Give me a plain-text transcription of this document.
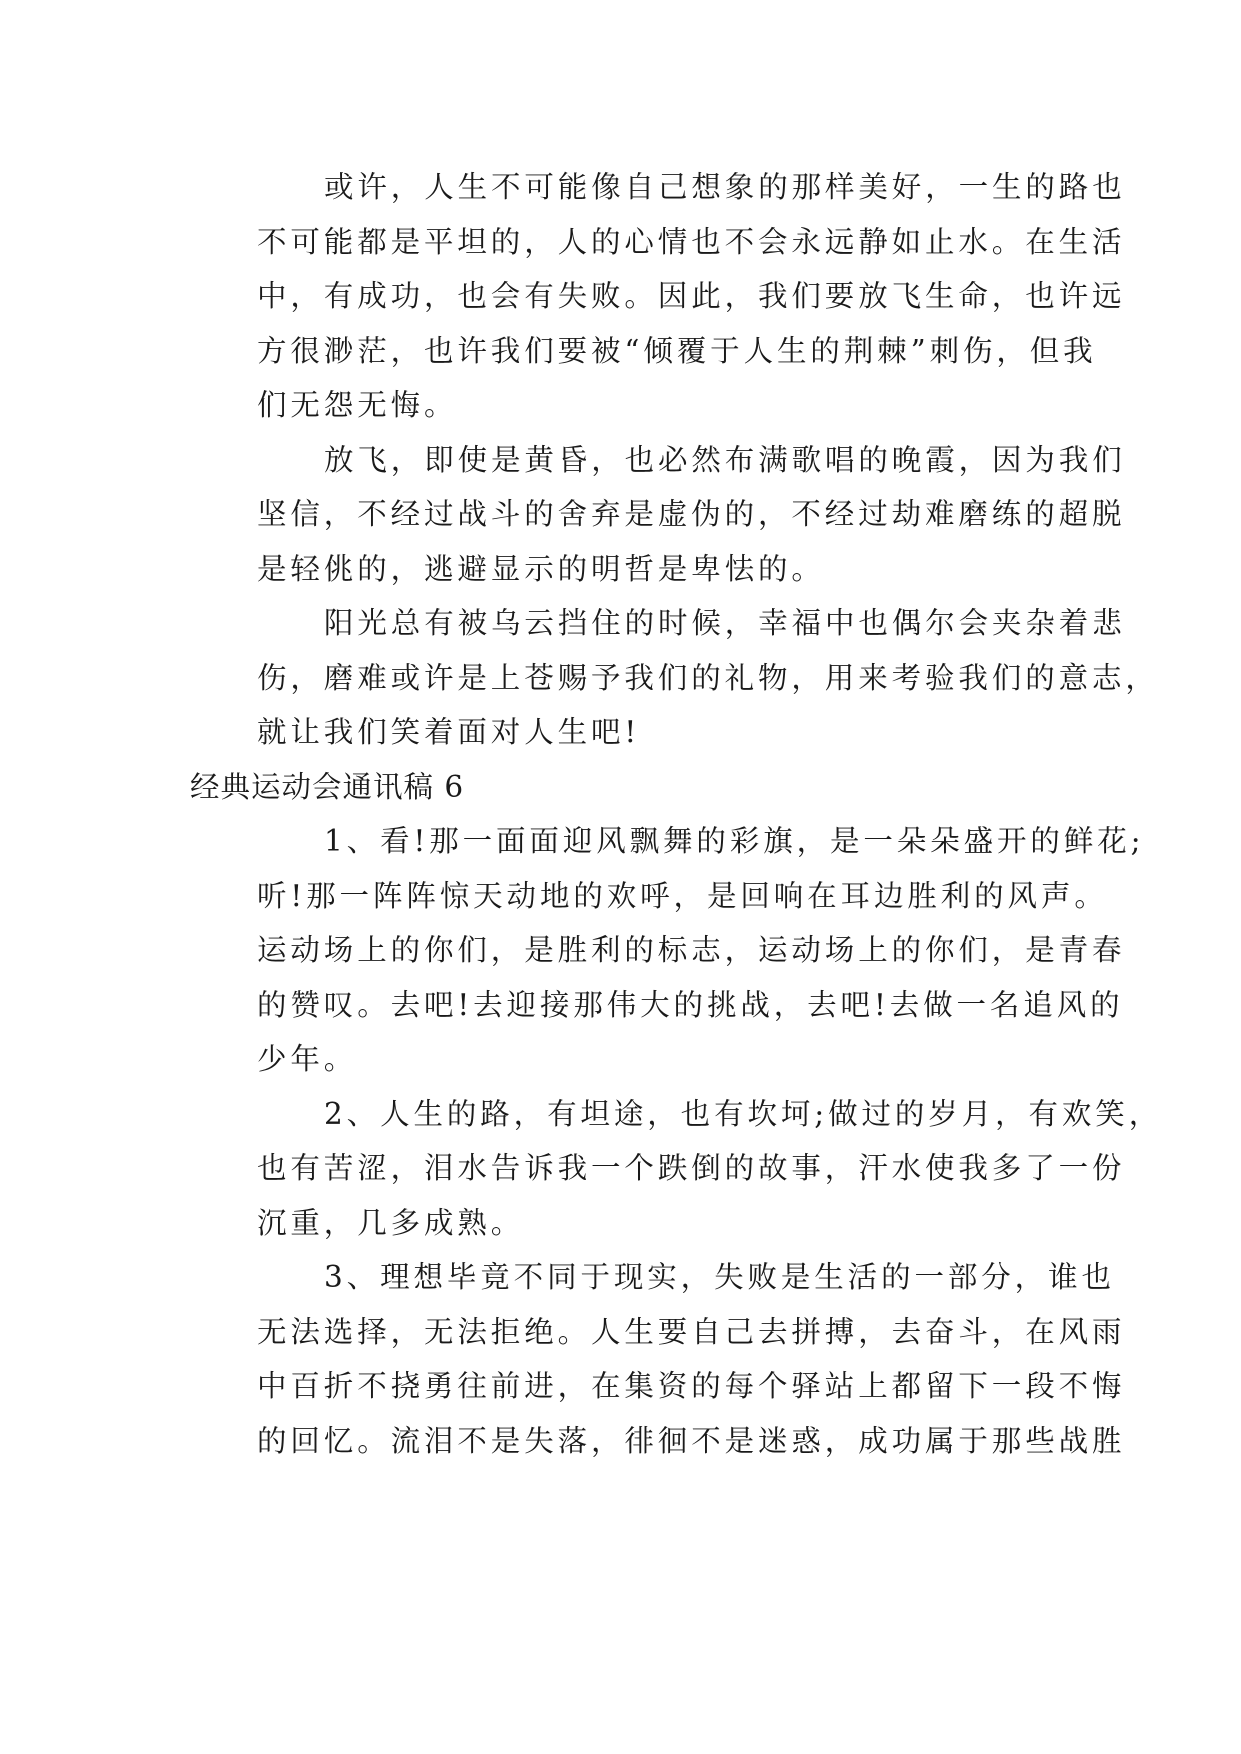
或许，人生不可能像自己想象的那样美好，一生的路也
不可能都是平坦的，人的心情也不会永远静如止水。在生活
中，有成功，也会有失败。因此，我们要放飞生命，也许远
方很渺茫，也许我们要被“倾覆于人生的荆棘”刺伤，但我
们无怨无悔。
放飞，即使是黄昏，也必然布满歌唱的晚霞，因为我们
坚信，不经过战斗的舍弃是虚伪的，不经过劫难磨练的超脱
是轻佻的，逃避显示的明哲是卑怯的。
阳光总有被乌云挡住的时候，幸福中也偶尔会夹杂着悲
伤，磨难或许是上苍赐予我们的礼物，用来考验我们的意志，
就让我们笑着面对人生吧!
经典运动会通讯稿 6
1、看!那一面面迎风飘舞的彩旗，是一朵朵盛开的鲜花;
听!那一阵阵惊天动地的欢呼，是回响在耳边胜利的风声。
运动场上的你们，是胜利的标志，运动场上的你们，是青春
的赞叹。去吧!去迎接那伟大的挑战，去吧!去做一名追风的
少年。
2、人生的路，有坦途，也有坎坷;做过的岁月，有欢笑，
也有苦涩，泪水告诉我一个跌倒的故事，汗水使我多了一份
沉重，几多成熟。
3、理想毕竟不同于现实，失败是生活的一部分，谁也
无法选择，无法拒绝。人生要自己去拼搏，去奋斗，在风雨
中百折不挠勇往前进，在集资的每个驿站上都留下一段不悔
的回忆。流泪不是失落，徘徊不是迷惑，成功属于那些战胜
